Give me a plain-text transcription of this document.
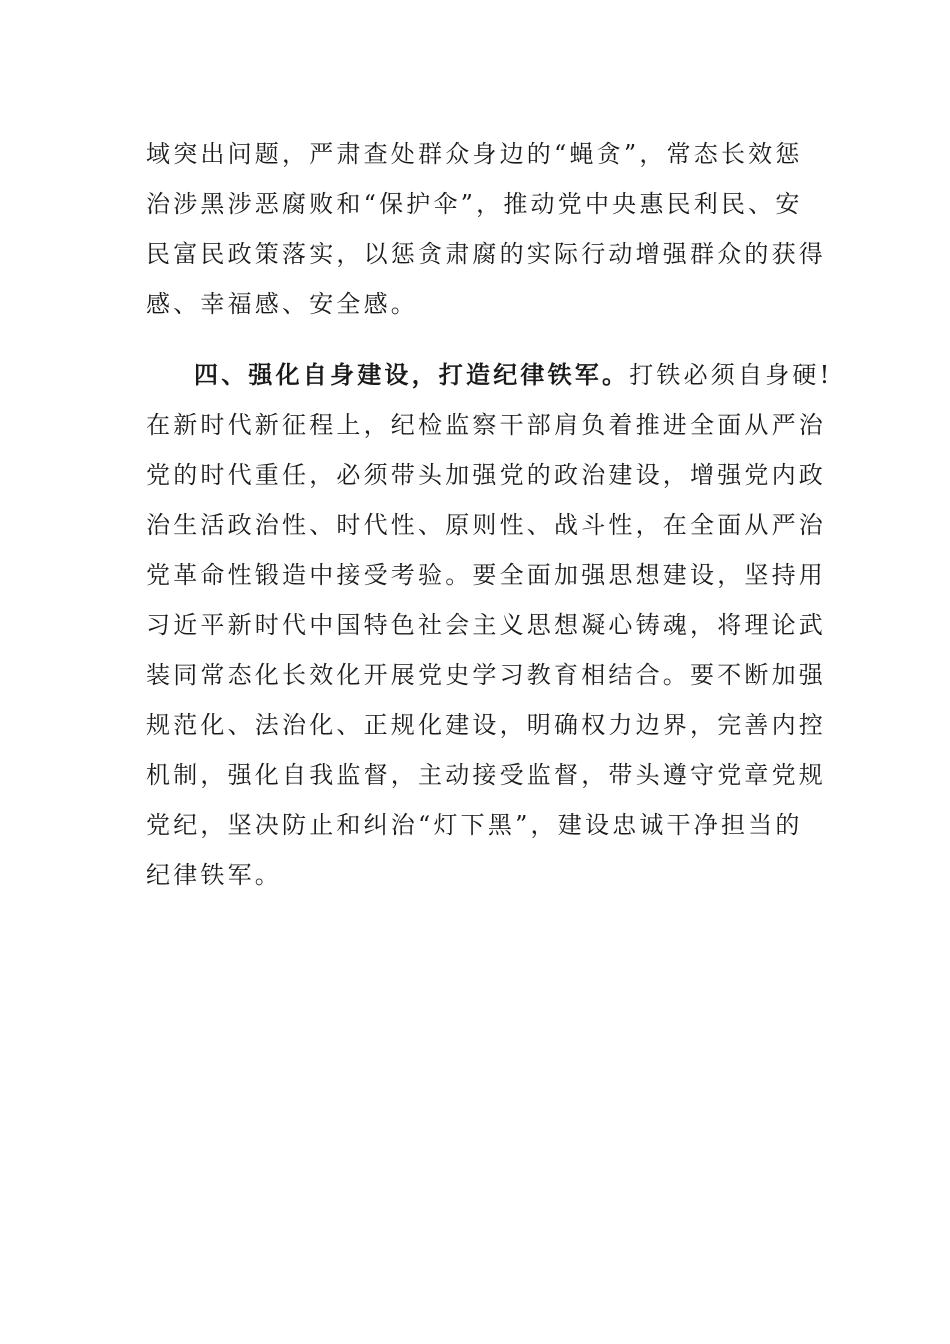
域突出问题，严肃查处群众身边的“蝇贪”，常态长效惩
治涉黑涉恶腐败和“保护伞”，推动党中央惠民利民、安
民富民政策落实，以惩贪肃腐的实际行动增强群众的获得
感、幸福感、安全感。
四、强化自身建设，打造纪律铁军。打铁必须自身硬!
在新时代新征程上，纪检监察干部肩负着推进全面从严治
党的时代重任，必须带头加强党的政治建设，增强党内政
治生活政治性、时代性、原则性、战斗性，在全面从严治
党革命性锻造中接受考验。要全面加强思想建设，坚持用
习近平新时代中国特色社会主义思想凝心铸魂，将理论武
装同常态化长效化开展党史学习教育相结合。要不断加强
规范化、法治化、正规化建设，明确权力边界，完善内控
机制，强化自我监督，主动接受监督，带头遵守党章党规
党纪，坚决防止和纠治“灯下黑”，建设忠诚干净担当的
纪律铁军。
